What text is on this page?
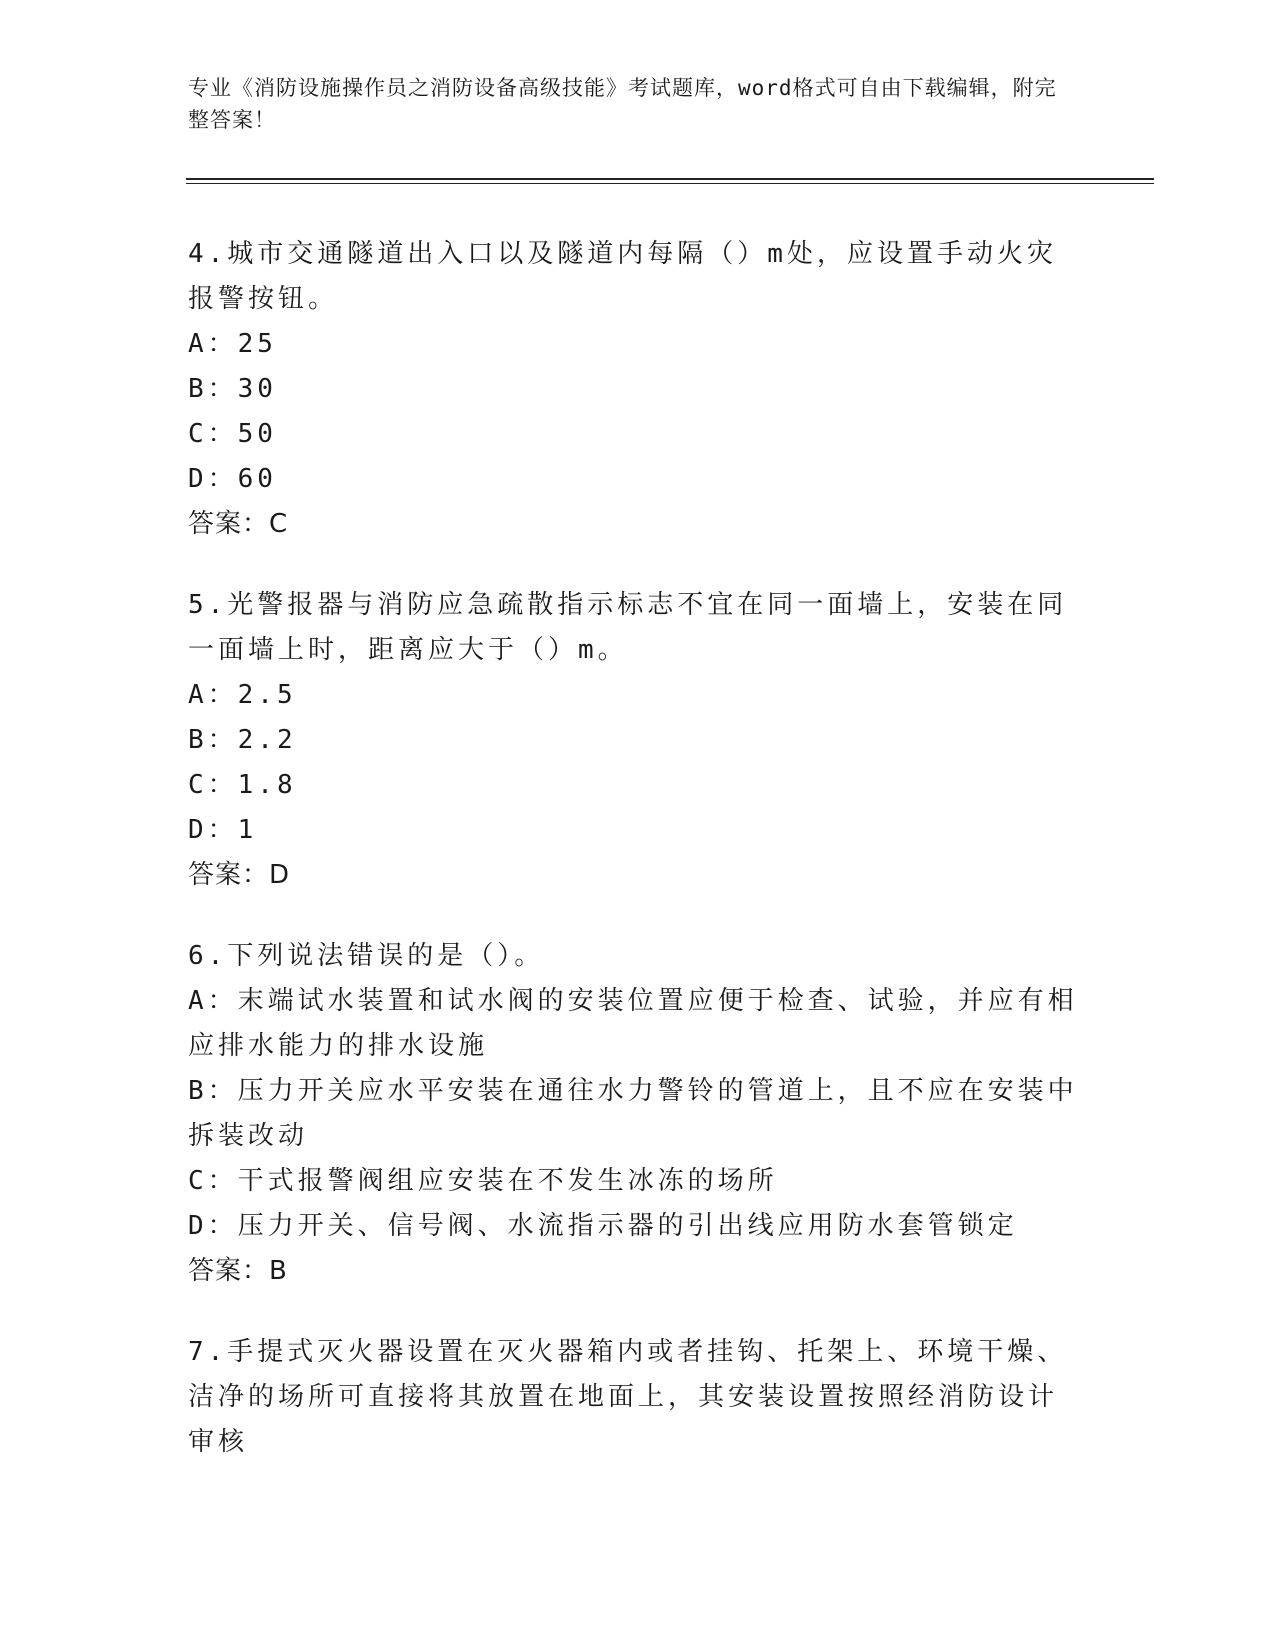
专业《消防设施操作员之消防设备高级技能》考试题库，word格式可自由下载编辑，附完整答案！
4.城市交通隧道出入口以及隧道内每隔（）m处，应设置手动火灾报警按钮。
A：25
B：30
C：50
D：60
答案：C
5.光警报器与消防应急疏散指示标志不宜在同一面墙上，安装在同一面墙上时，距离应大于（）m。
A：2.5
B：2.2
C：1.8
D：1
答案：D
6.下列说法错误的是（）。
A：末端试水装置和试水阀的安装位置应便于检查、试验，并应有相应排水能力的排水设施
B：压力开关应水平安装在通往水力警铃的管道上，且不应在安装中拆装改动
C：干式报警阀组应安装在不发生冰冻的场所
D：压力开关、信号阀、水流指示器的引出线应用防水套管锁定
答案：B
7.手提式灭火器设置在灭火器箱内或者挂钩、托架上、环境干燥、洁净的场所可直接将其放置在地面上，其安装设置按照经消防设计审核
